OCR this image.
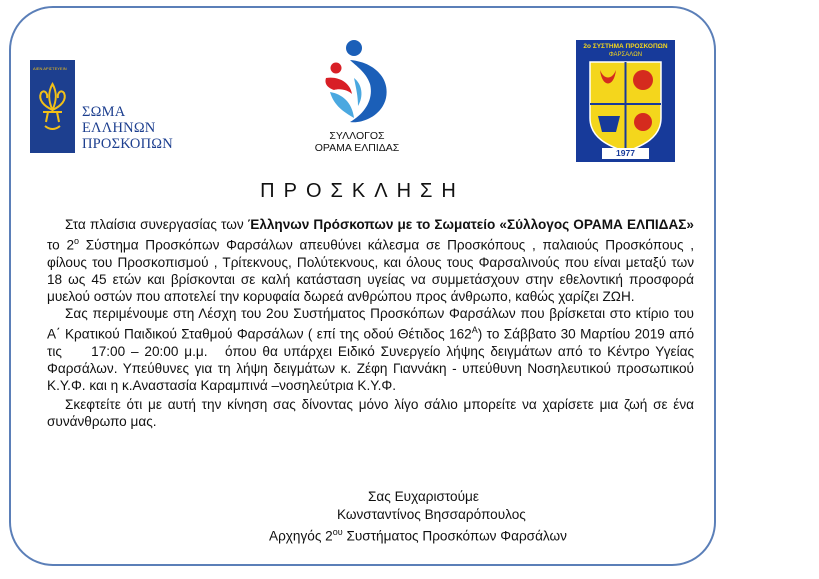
ΑΙΕΝ ΑΡΙΣΤΕΥΕΙΝ
ΣΩΜΑ
ΕΛΛΗΝΩΝ
ΠΡΟΣΚΟΠΩΝ	ΣΥΛΛΟΓΟΣ
ΟΡΑΜΑ ΕΛΠΙΔΑΣ
2ο ΣΥΣΤΗΜΑ ΠΡΟΣΚΟΠΩΝ
ΦΑΡΣΑΛΩΝ
1977
ΠΡΟΣΚΛΗΣΗ

Στα πλαίσια συνεργασίας των Έλληνων Πρόσκοπων με το Σωματείο «Σύλλογος ΟΡΑΜΑ ΕΛΠΙΔΑΣ» το $2^o$ Σύστημα Προσκόπων Φαρσάλων απευθύνει κάλεσμα σε Προσκόπους , παλαιούς Προσκόπους , φίλους του Προσκοπισμού , Τρίτεκνους, Πολύτεκνους, και όλους τους Φαρσαλινούς που είναι μεταξύ των 18 ως 45 ετών και βρίσκονται σε καλή κατάσταση υγείας να συμμετάσχουν στην εθελοντική προσφορά μυελού οστών που αποτελεί την κορυφαία δωρεά ανθρώπου προς άνθρωπο, καθώς χαρίζει ΖΩΗ.

Σας περιμένουμε στη Λέσχη του 2ου Συστήματος Προσκόπων Φαρσάλων που βρίσκεται στο κτίριο του Α΄ Κρατικού Παιδικού Σταθμού Φαρσάλων ( επί της οδού Θέτιδος $162^A$) το Σάββατο 30 Μαρτίου 2019 από τις     17:00 – 20:00 μ.μ.   όπου θα υπάρχει Ειδικό Συνεργείο λήψης δειγμάτων από το Κέντρο Υγείας Φαρσάλων. Υπεύθυνες για τη λήψη δειγμάτων κ. Ζέφη Γιαννάκη - υπεύθυνη Νοσηλευτικού προσωπικού Κ.Υ.Φ. και η κ.Αναστασία Καραμπινά –νοσηλεύτρια Κ.Υ.Φ.

Σκεφτείτε ότι με αυτή την κίνηση σας δίνοντας μόνο λίγο σάλιο μπορείτε να χαρίσετε μια ζωή σε ένα συνάνθρωπο μας.

Σας Ευχαριστούμε
Κωνσταντίνος Βησσαρόπουλος
Αρχηγός $2^{o\upsilon}$ Συστήματος Προσκόπων Φαρσάλων
